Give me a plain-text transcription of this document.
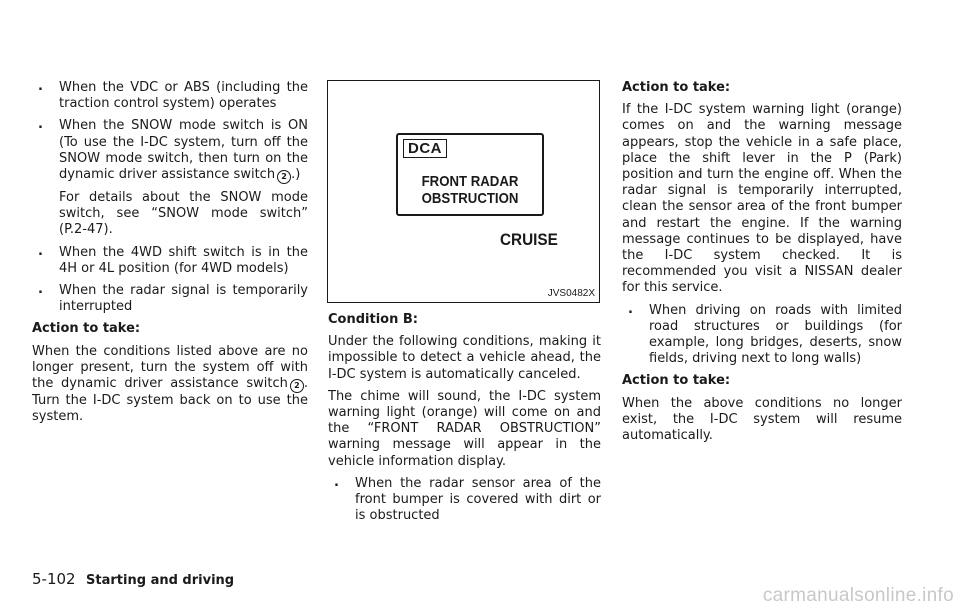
. When the VDC or ABS (including the traction control system) operates

. When the SNOW mode switch is ON (To use the I-DC system, turn off the SNOW mode switch, then turn on the dynamic driver assistance switch 2 .)

For details about the SNOW mode switch, see “SNOW mode switch” (P.2-47).

. When the 4WD shift switch is in the 4H or 4L position (for 4WD models)

. When the radar signal is temporarily interrupted

Action to take:

When the conditions listed above are no longer present, turn the system off with the dynamic driver assistance switch 2 . Turn the I-DC system back on to use the system.

DCA
FRONT RADAR
OBSTRUCTION
CRUISE
JVS0482X

Condition B:

Under the following conditions, making it impossible to detect a vehicle ahead, the I-DC system is automatically canceled.

The chime will sound, the I-DC system warning light (orange) will come on and the “FRONT RADAR OBSTRUCTION” warning message will appear in the vehicle information display.

. When the radar sensor area of the front bumper is covered with dirt or is obstructed

Action to take:

If the I-DC system warning light (orange) comes on and the warning message appears, stop the vehicle in a safe place, place the shift lever in the P (Park) position and turn the engine off. When the radar signal is temporarily interrupted, clean the sensor area of the front bumper and restart the engine. If the warning message continues to be displayed, have the I-DC system checked. It is recommended you visit a NISSAN dealer for this service.

. When driving on roads with limited road structures or buildings (for example, long bridges, deserts, snow fields, driving next to long walls)

Action to take:

When the above conditions no longer exist, the I-DC system will resume automatically.

5-102 Starting and driving
carmanualsonline.info
